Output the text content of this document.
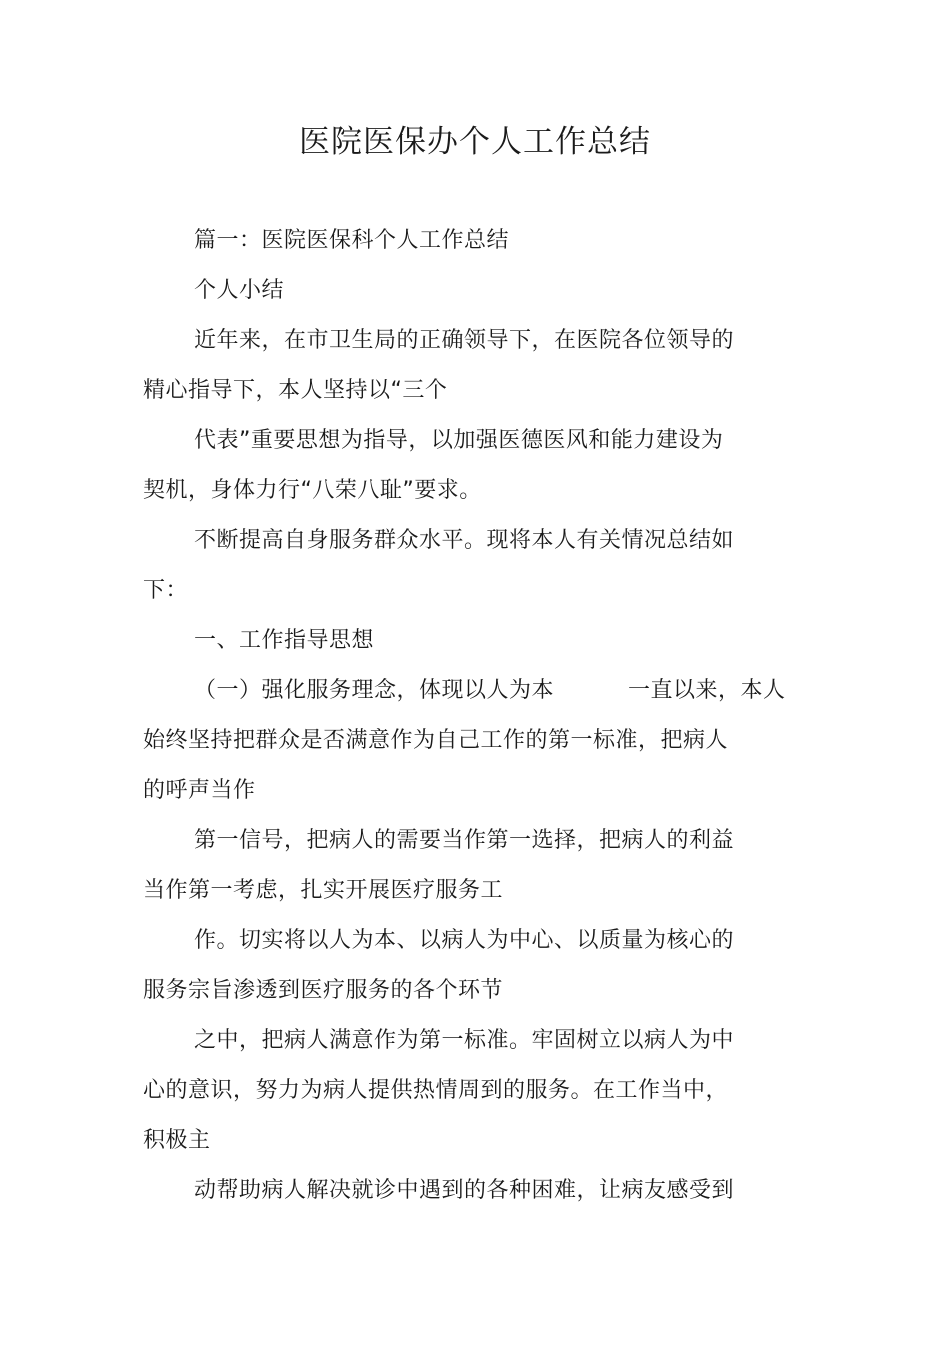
医院医保办个人工作总结
篇一：医院医保科个人工作总结
个人小结
近年来，在市卫生局的正确领导下，在医院各位领导的
精心指导下，本人坚持以“三个
代表”重要思想为指导，以加强医德医风和能力建设为
契机，身体力行“八荣八耻”要求。
不断提高自身服务群众水平。现将本人有关情况总结如
下：
一、工作指导思想
（一）强化服务理念，体现以人为本	一直以来，本人
始终坚持把群众是否满意作为自己工作的第一标准，把病人
的呼声当作
第一信号，把病人的需要当作第一选择，把病人的利益
当作第一考虑，扎实开展医疗服务工
作。切实将以人为本、以病人为中心、以质量为核心的
服务宗旨渗透到医疗服务的各个环节
之中，把病人满意作为第一标准。牢固树立以病人为中
心的意识，努力为病人提供热情周到的服务。在工作当中，
积极主
动帮助病人解决就诊中遇到的各种困难，让病友感受到
